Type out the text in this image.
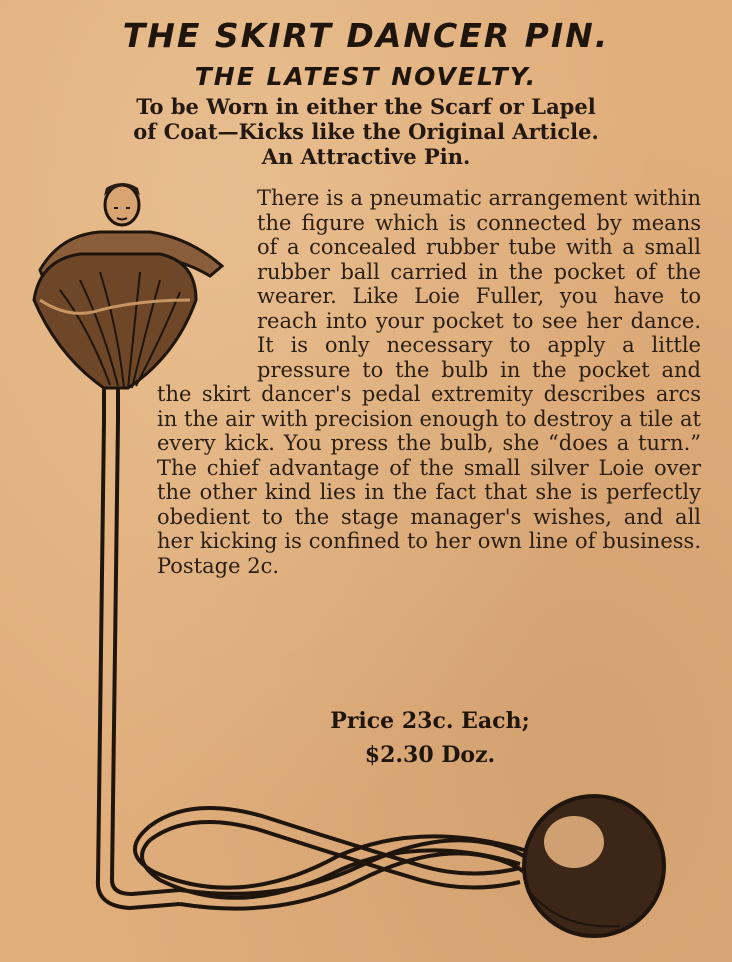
THE SKIRT DANCER PIN.
THE LATEST NOVELTY.
To be Worn in either the Scarf or Lapel
of Coat—Kicks like the Original Article.
An Attractive Pin.
There is a pneumatic arrangement within the figure which is connected by means of a concealed rubber tube with a small rubber ball carried in the pocket of the wearer. Like Loie Fuller, you have to reach into your pocket to see her dance. It is only necessary to apply a little pressure to the bulb in the pocket and the skirt dancer's pedal extremity describes arcs in the air with precision enough to destroy a tile at every kick. You press the bulb, she “does a turn.” The chief advantage of the small silver Loie over the other kind lies in the fact that she is perfectly obedient to the stage manager's wishes, and all her kicking is confined to her own line of business. Postage 2c.
Price 23c. Each;
$2.30 Doz.
